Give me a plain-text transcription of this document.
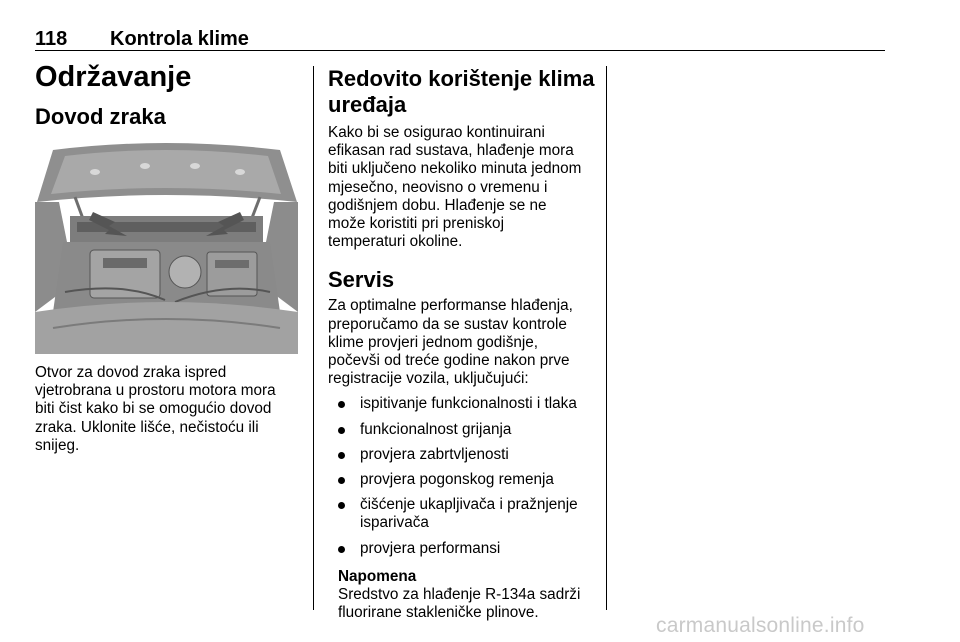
118 Kontrola klime
Održavanje
Dovod zraka

Otvor za dovod zraka ispred
vjetrobrana u prostoru motora mora
biti čist kako bi se omogućio dovod
zraka. Uklonite lišće, nečistoću ili
snijeg.

Redovito korištenje klima
uređaja

Kako bi se osigurao kontinuirani
efikasan rad sustava, hlađenje mora
biti uključeno nekoliko minuta jednom
mjesečno, neovisno o vremenu i
godišnjem dobu. Hlađenje se ne
može koristiti pri preniskoj
temperaturi okoline.

Servis

Za optimalne performanse hlađenja,
preporučamo da se sustav kontrole
klime provjeri jednom godišnje,
počevši od treće godine nakon prve
registracije vozila, uključujući:

ispitivanje funkcionalnosti i tlaka
funkcionalnost grijanja
provjera zabrtvljenosti
provjera pogonskog remenja
čišćenje ukapljivača i pražnjenje
isparivača
provjera performansi
Napomena
Sredstvo za hlađenje R-134a sadrži
fluorirane stakleničke plinove.
carmanualsonline.info
